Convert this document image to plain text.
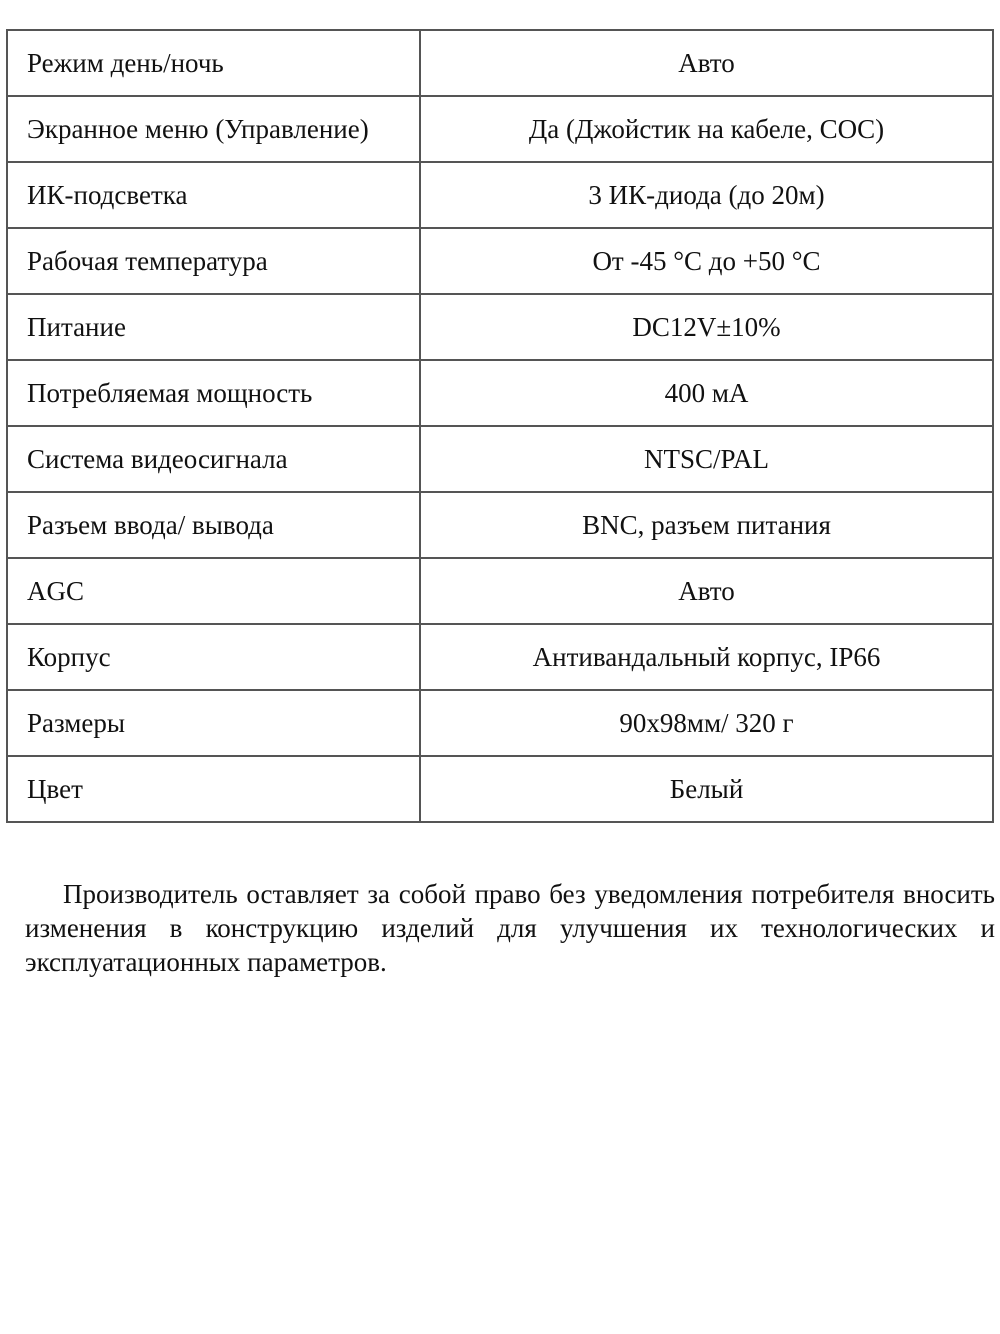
Режим день/ночь	Авто
Экранное меню (Управление)	Да (Джойстик на кабеле, COC)
ИК-подсветка	3 ИК-диода (до 20м)
Рабочая температура	От -45 °C до +50 °C
Питание	DC12V±10%
Потребляемая мощность	400 мА
Система видеосигнала	NTSC/PAL
Разъем ввода/ вывода	BNC, разъем питания
AGC	Авто
Корпус	Антивандальный корпус, IP66
Размеры	90х98мм/ 320 г
Цвет	Белый

Производитель оставляет за собой право без уведомления потребителя вносить изменения в конструкцию изделий для улучшения их технологических и эксплуатационных параметров.
